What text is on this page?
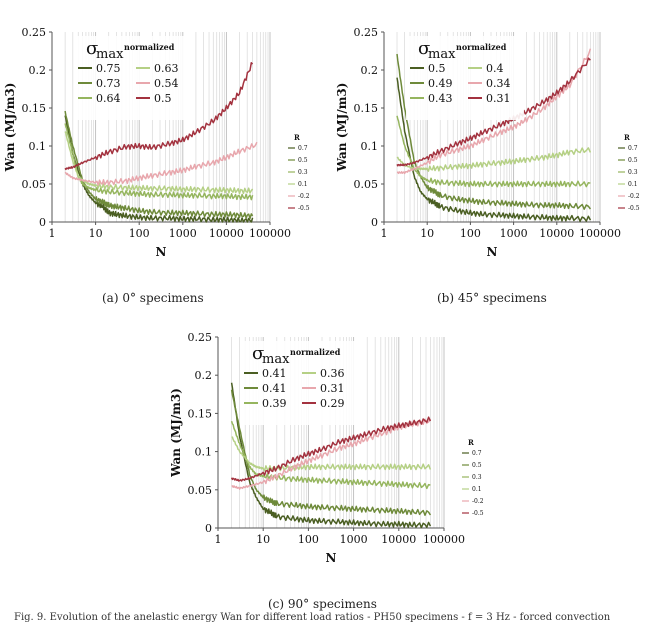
0
0.05
0.1
0.15
0.2
0.25
1	10 100 1000 10000 100000
N
Wan (MJ/m3)
σ
max normalized
0.75
0.73
0.64
0.63
0.54
0.5
R
0.7
0.5
0.3
0.1
-0.2
-0.5
0
0.05
0.1
0.15
0.2
0.25
1	10 100 1000 10000 100000
N
Wan (MJ/m3)
σ
max normalized
0.5
0.49
0.43
0.4
0.34
0.31
R
0.7
0.5
0.3
0.1
-0.2
-0.5
0
0.05
0.1
0.15
0.2
0.25
1	10	100 1000 10000 100000
N
Wan (MJ/m3)
σ
max normalized
0.41
0.41
0.39
0.36
0.31
0.29
R
0.7
0.5
0.3
0.1
-0.2
-0.5
(a) 0° specimens	(b) 45° specimens
(c) 90° specimens
Fig. 9. Evolution of the anelastic energy Wan for different load ratios - PH50 specimens - f = 3 Hz - forced convection
